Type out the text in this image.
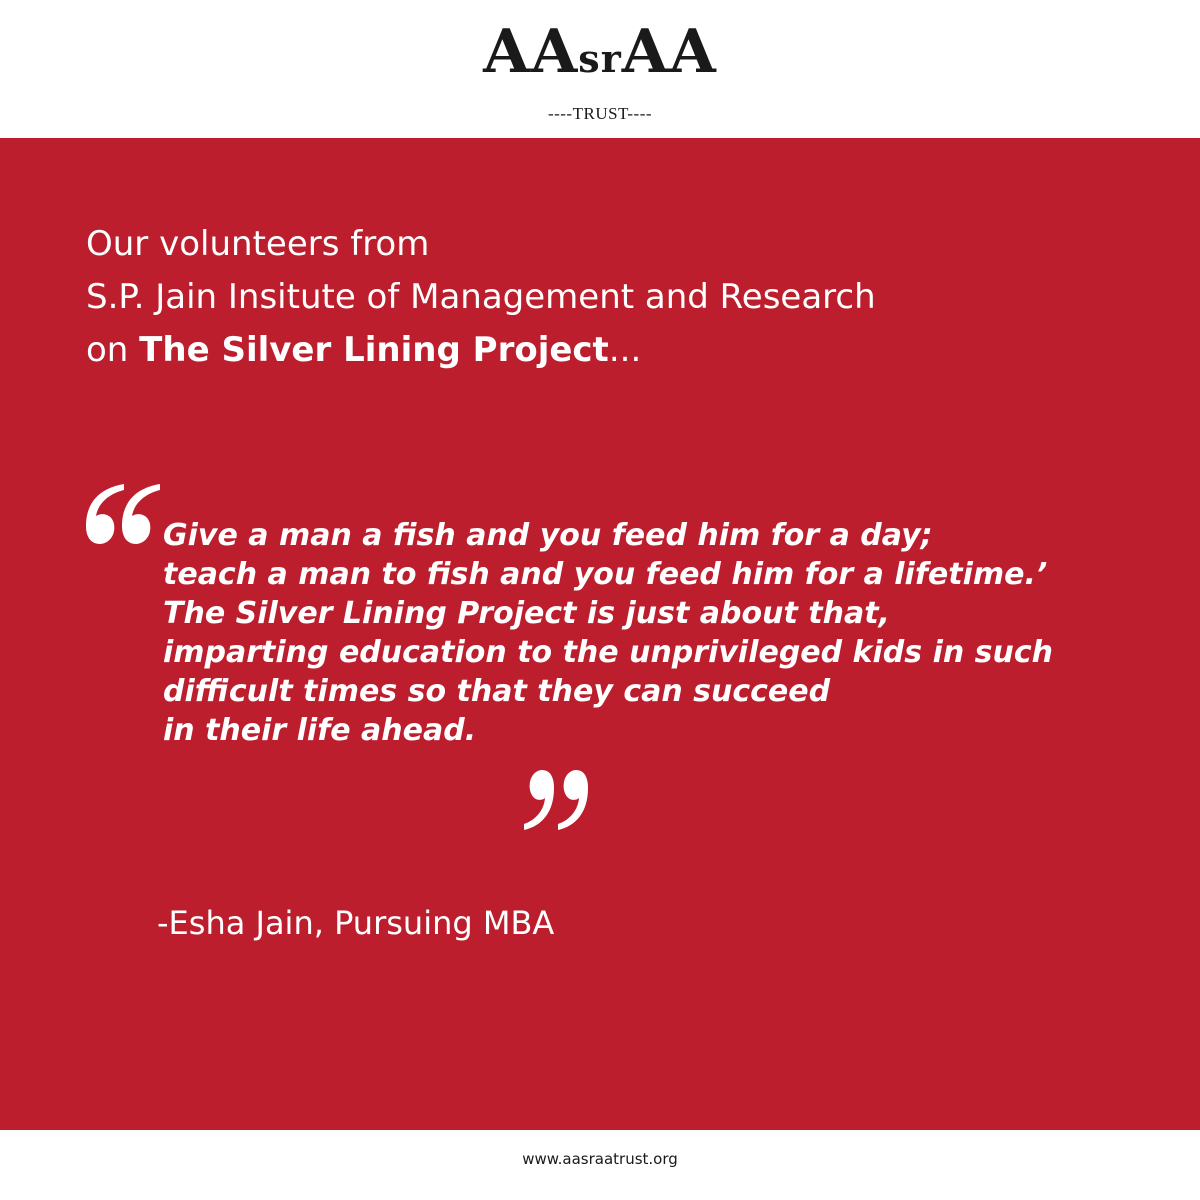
AAsrAA
----TRUST----
Our volunteers from
S.P. Jain Insitute of Management and Research
on The Silver Lining Project...
Give a man a fish and you feed him for a day;
teach a man to fish and you feed him for a lifetime.’
The Silver Lining Project is just about that,
imparting education to the unprivileged kids in such
difficult times so that they can succeed
in their life ahead.
-Esha Jain, Pursuing MBA
www.aasraatrust.org
